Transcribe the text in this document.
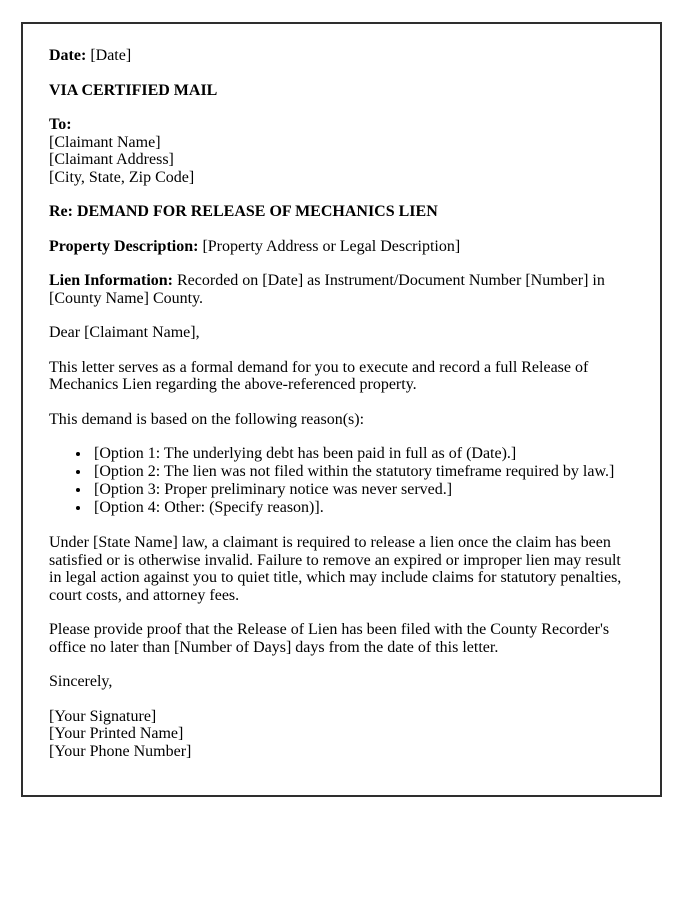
Date: [Date]

VIA CERTIFIED MAIL

To:
[Claimant Name]
[Claimant Address]
[City, State, Zip Code]

Re: DEMAND FOR RELEASE OF MECHANICS LIEN

Property Description: [Property Address or Legal Description]

Lien Information: Recorded on [Date] as Instrument/Document Number [Number] in [County Name] County.

Dear [Claimant Name],

This letter serves as a formal demand for you to execute and record a full Release of Mechanics Lien regarding the above-referenced property.

This demand is based on the following reason(s):

• [Option 1: The underlying debt has been paid in full as of (Date).]
• [Option 2: The lien was not filed within the statutory timeframe required by law.]
• [Option 3: Proper preliminary notice was never served.]
• [Option 4: Other: (Specify reason)].

Under [State Name] law, a claimant is required to release a lien once the claim has been satisfied or is otherwise invalid. Failure to remove an expired or improper lien may result in legal action against you to quiet title, which may include claims for statutory penalties, court costs, and attorney fees.

Please provide proof that the Release of Lien has been filed with the County Recorder's office no later than [Number of Days] days from the date of this letter.

Sincerely,

[Your Signature]
[Your Printed Name]
[Your Phone Number]
